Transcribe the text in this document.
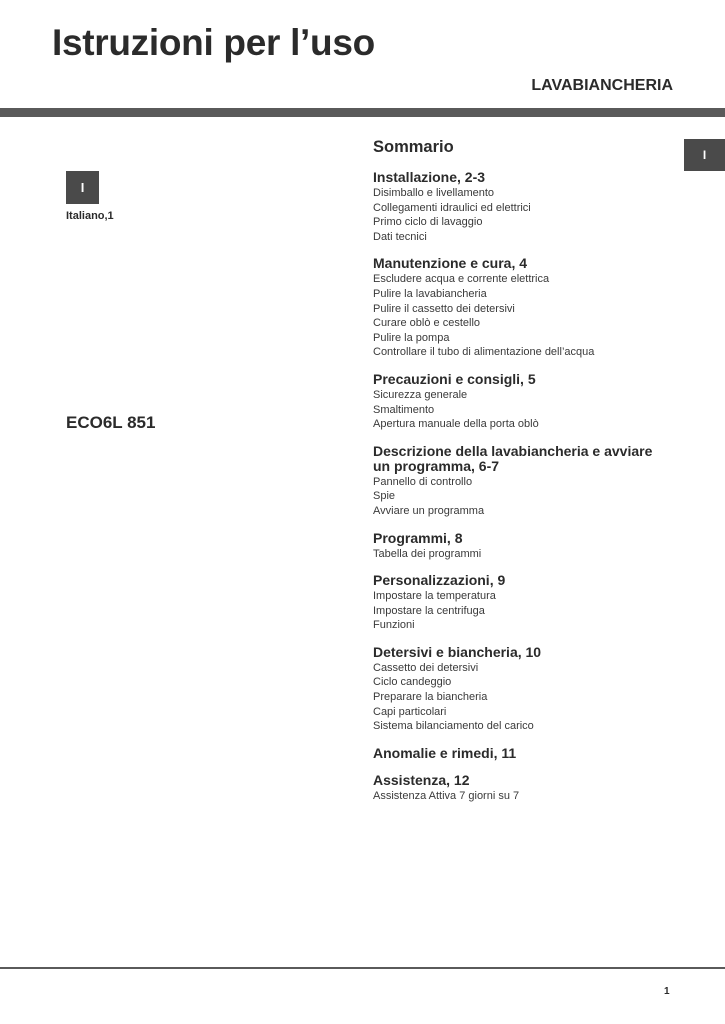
Istruzioni per l’uso
LAVABIANCHERIA
I
Italiano,1
ECO6L 851
I
Sommario
Installazione, 2-3
Disimballo e livellamento
Collegamenti idraulici ed elettrici
Primo ciclo di lavaggio
Dati tecnici
Manutenzione e cura, 4
Escludere acqua e corrente elettrica
Pulire la lavabiancheria
Pulire il cassetto dei detersivi
Curare oblò e cestello
Pulire la pompa
Controllare il tubo di alimentazione dell’acqua
Precauzioni e consigli, 5
Sicurezza generale
Smaltimento
Apertura manuale della porta oblò
Descrizione della lavabiancheria e avviare un programma, 6-7
Pannello di controllo
Spie
Avviare un programma
Programmi, 8
Tabella dei programmi
Personalizzazioni, 9
Impostare la temperatura
Impostare la centrifuga
Funzioni
Detersivi e biancheria, 10
Cassetto dei detersivi
Ciclo candeggio
Preparare la biancheria
Capi particolari
Sistema bilanciamento del carico
Anomalie e rimedi, 11
Assistenza, 12
Assistenza Attiva 7 giorni su 7
1
